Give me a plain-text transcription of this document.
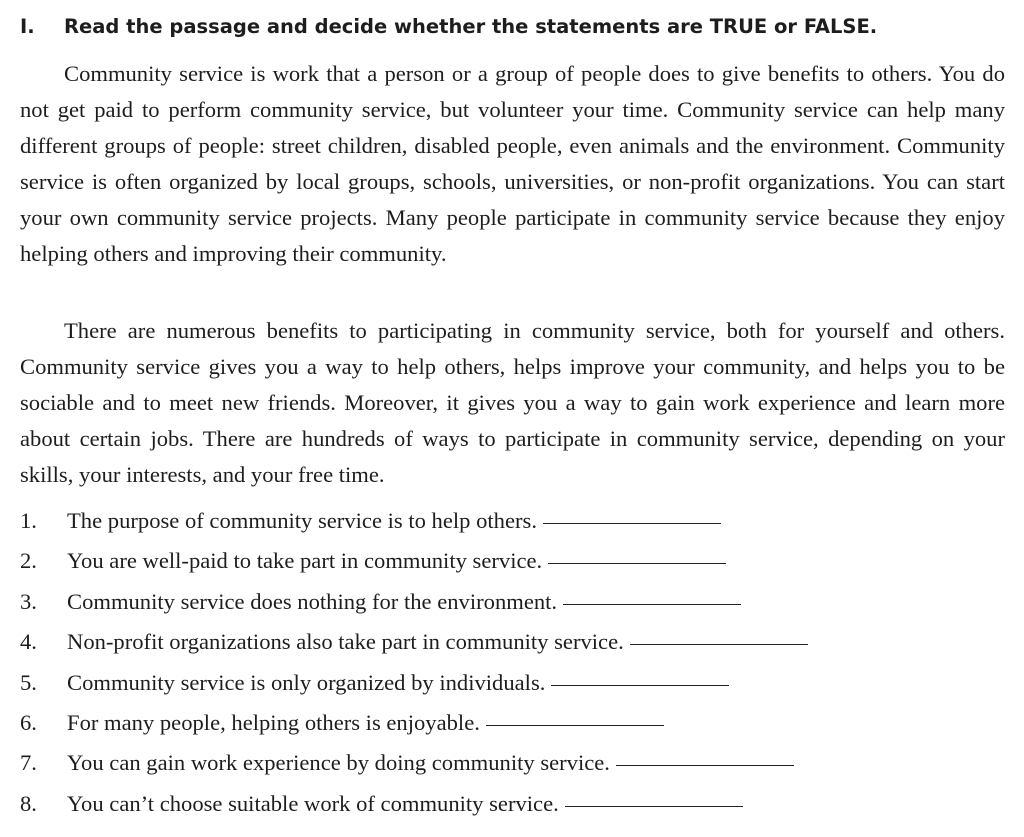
I. Read the passage and decide whether the statements are TRUE or FALSE.

Community service is work that a person or a group of people does to give benefits to others. You do not get paid to perform community service, but volunteer your time. Community service can help many different groups of people: street children, disabled people, even animals and the environment. Community service is often organized by local groups, schools, universities, or non-profit organizations. You can start your own community service projects. Many people participate in community service because they enjoy helping others and improving their community.

There are numerous benefits to participating in community service, both for yourself and others. Community service gives you a way to help others, helps improve your community, and helps you to be sociable and to meet new friends. Moreover, it gives you a way to gain work experience and learn more about certain jobs. There are hundreds of ways to participate in community service, depending on your skills, your interests, and your free time.

1. The purpose of community service is to help others.
2. You are well-paid to take part in community service.
3. Community service does nothing for the environment.
4. Non-profit organizations also take part in community service.
5. Community service is only organized by individuals.
6. For many people, helping others is enjoyable.
7. You can gain work experience by doing community service.
8. You can’t choose suitable work of community service.
